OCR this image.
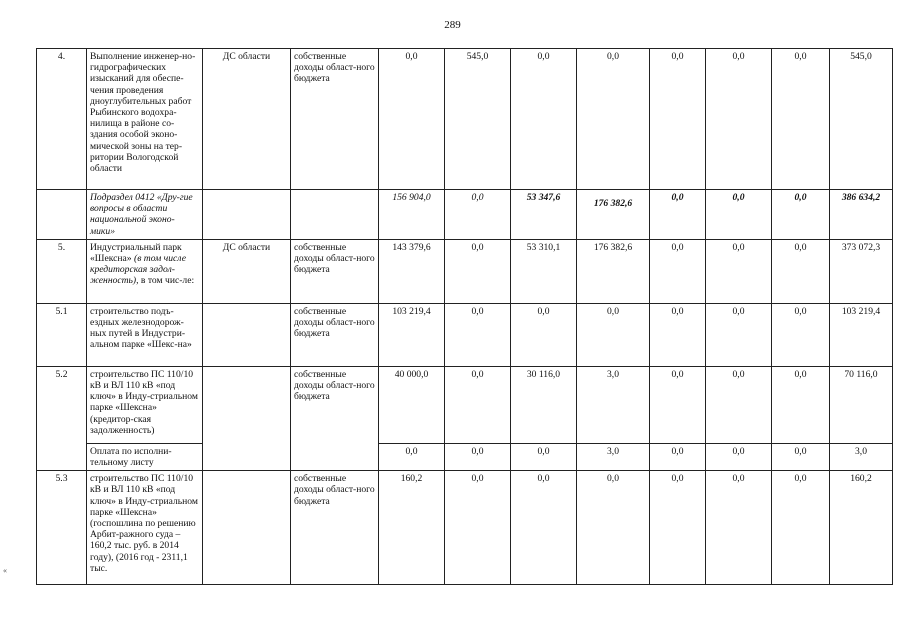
289
«
4.	Выполнение инженер-но-гидрографических изысканий для обеспе-чения проведения дноуглубительных работ Рыбинского водохра-нилища в районе со-здания особой эконо-мической зоны на тер-ритории Вологодской области	ДС области	собственные доходы област-ного бюджета	0,0	545,0	0,0	0,0	0,0	0,0	0,0	545,0
	Подраздел 0412 «Дру-гие вопросы в области национальной эконо-мики»			156 904,0	0,0	53 347,6	176 382,6	0,0	0,0	0,0	386 634,2
5.	Индустриальный парк «Шексна» (в том числе кредиторская задол-женность), в том чис-ле:	ДС области	собственные доходы област-ного бюджета	143 379,6	0,0	53 310,1	176 382,6	0,0	0,0	0,0	373 072,3
5.1	строительство подъ-ездных железнодорож-ных путей в Индустри-альном парке «Шекс-на»		собственные доходы област-ного бюджета	103 219,4	0,0	0,0	0,0	0,0	0,0	0,0	103 219,4
5.2	строительство ПС 110/10 кВ и ВЛ 110 кВ «под ключ» в Инду-стриальном парке «Шексна» (кредитор-ская задолженность)		собственные доходы област-ного бюджета	40 000,0	0,0	30 116,0	3,0	0,0	0,0	0,0	70 116,0
	Оплата по исполни-тельному листу			0,0	0,0	0,0	3,0	0,0	0,0	0,0	3,0
5.3	строительство ПС 110/10 кВ и ВЛ 110 кВ «под ключ» в Инду-стриальном парке «Шексна» (госпошлина по решению Арбит-ражного суда – 160,2 тыс. руб. в 2014 году), (2016 год - 2311,1 тыс.		собственные доходы област-ного бюджета	160,2	0,0	0,0	0,0	0,0	0,0	0,0	160,2
